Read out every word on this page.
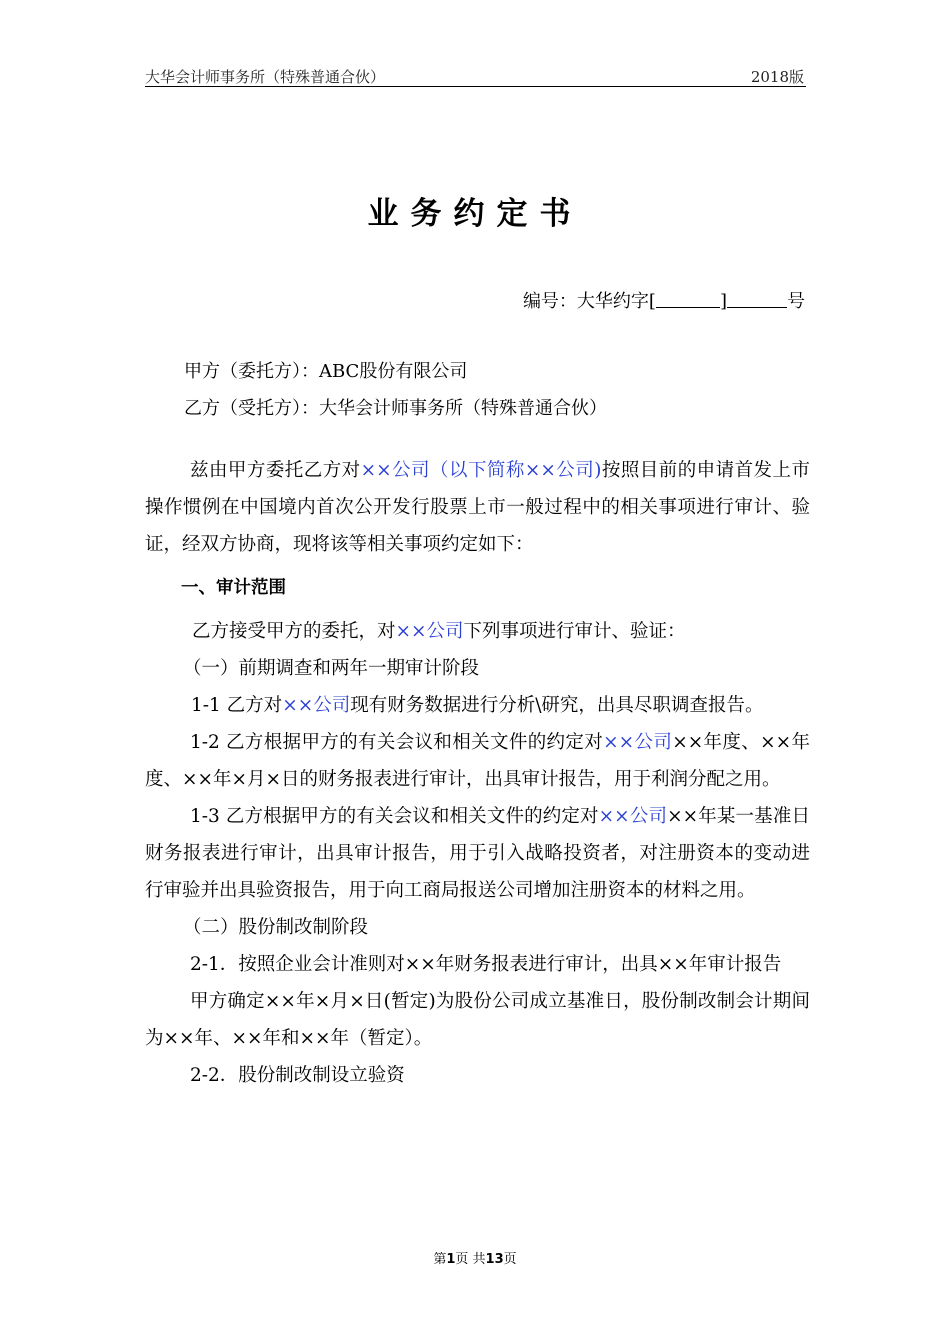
大华会计师事务所（特殊普通合伙）	2018版
业务约定书
编号：大华约字[	]	号
甲方（委托方）：ABC股份有限公司
乙方（受托方）：大华会计师事务所（特殊普通合伙）

兹由甲方委托乙方对××公司（以下简称××公司)按照目前的申请首发上市操作惯例在中国境内首次公开发行股票上市一般过程中的相关事项进行审计、验证，经双方协商，现将该等相关事项约定如下：

一、审计范围

乙方接受甲方的委托，对××公司下列事项进行审计、验证：

（一）前期调查和两年一期审计阶段

1-1 乙方对××公司现有财务数据进行分析\研究，出具尽职调查报告。

1-2 乙方根据甲方的有关会议和相关文件的约定对××公司××年度、××年度、××年×月×日的财务报表进行审计，出具审计报告，用于利润分配之用。

1-3 乙方根据甲方的有关会议和相关文件的约定对××公司××年某一基准日财务报表进行审计，出具审计报告，用于引入战略投资者，对注册资本的变动进行审验并出具验资报告，用于向工商局报送公司增加注册资本的材料之用。

（二）股份制改制阶段

2-1．按照企业会计准则对××年财务报表进行审计，出具××年审计报告

甲方确定××年×月×日(暂定)为股份公司成立基准日，股份制改制会计期间为××年、××年和××年（暂定）。

2-2．股份制改制设立验资

第1页 共13页
